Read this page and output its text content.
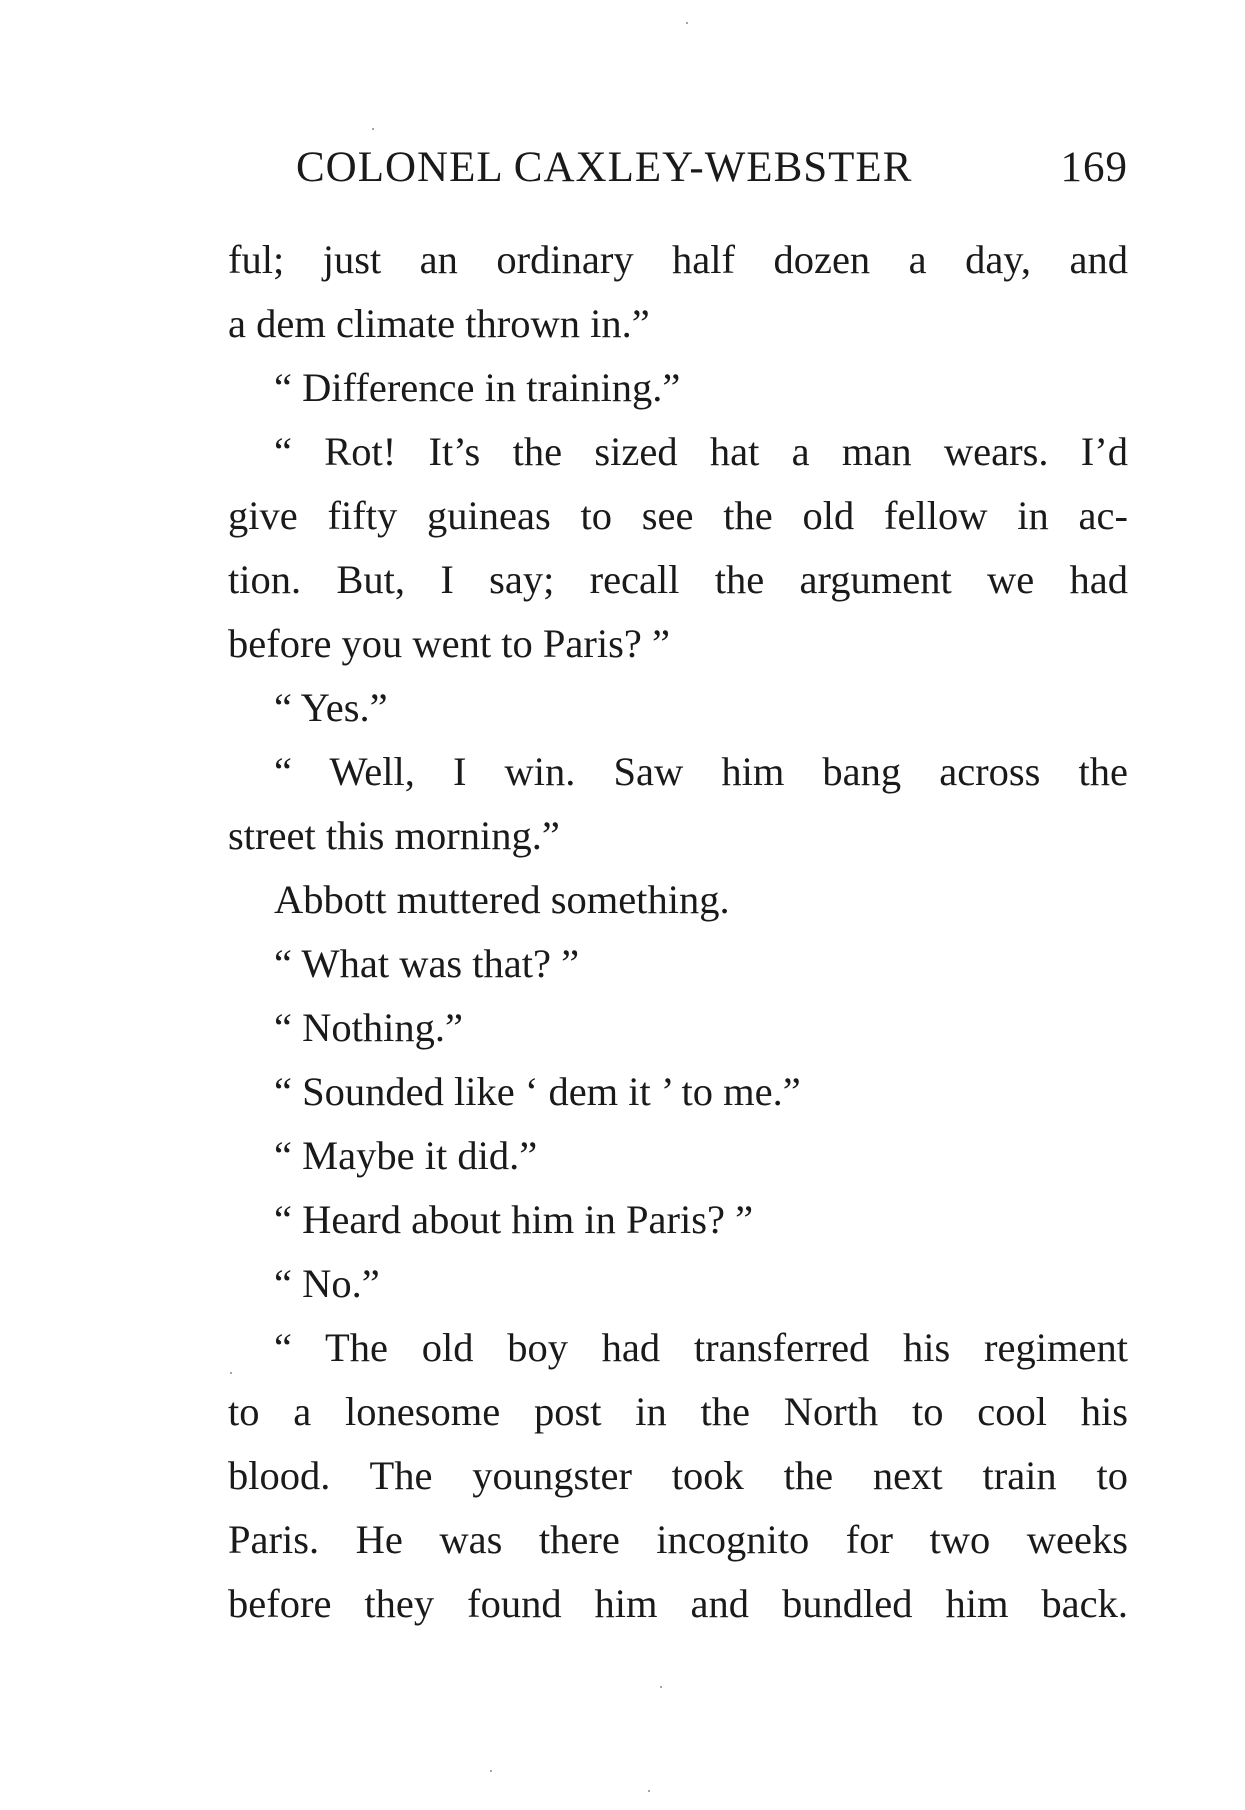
COLONEL CAXLEY-WEBSTER	169
ful; just an ordinary half dozen a day, and
a dem climate thrown in.”
“ Difference in training.”
“ Rot! It’s the sized hat a man wears. I’d
give fifty guineas to see the old fellow in ac-
tion. But, I say; recall the argument we had
before you went to Paris? ”
“ Yes.”
“ Well, I win. Saw him bang across the
street this morning.”
Abbott muttered something.
“ What was that? ”
“ Nothing.”
“ Sounded like ‘ dem it ’ to me.”
“ Maybe it did.”
“ Heard about him in Paris? ”
“ No.”
“ The old boy had transferred his regiment
to a lonesome post in the North to cool his
blood. The youngster took the next train to
Paris. He was there incognito for two weeks
before they found him and bundled him back.
